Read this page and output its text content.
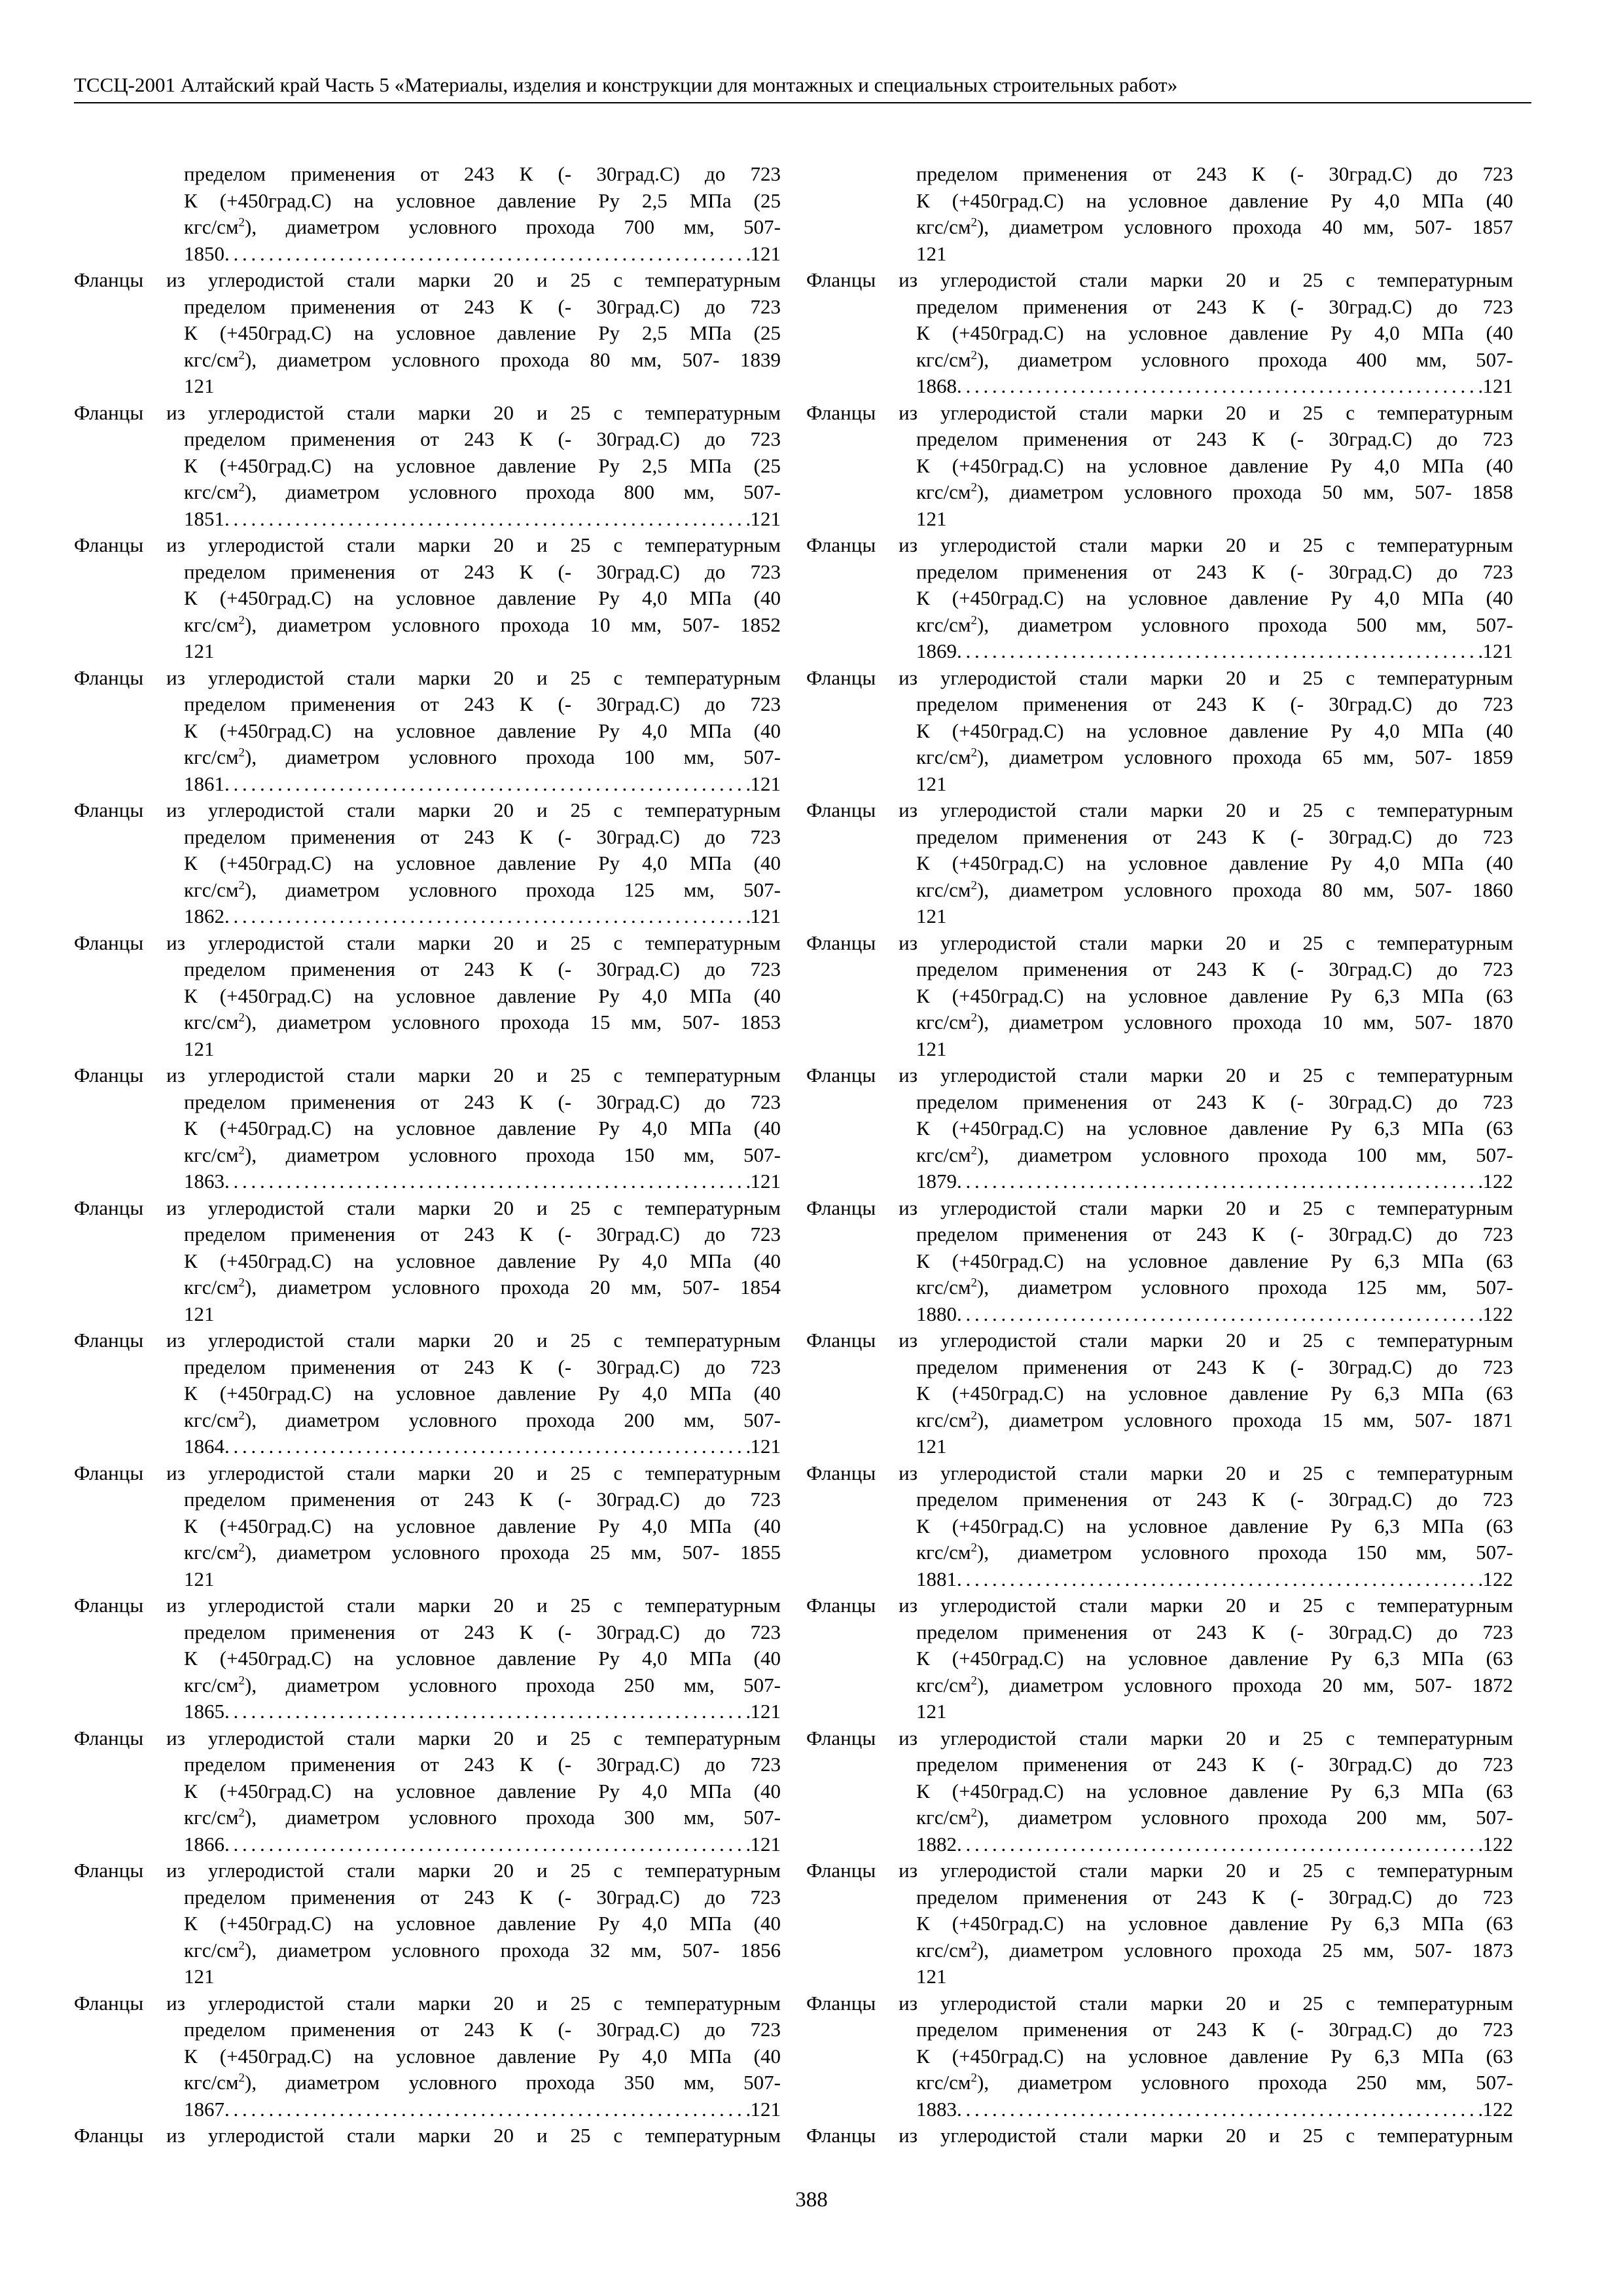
ТССЦ-2001 Алтайский край Часть 5 «Материалы, изделия и конструкции для монтажных и специальных строительных работ»
пределом применения от 243 К (- 30град.С) до 723
К (+450град.С) на условное давление Ру 2,5 МПа (25
кгс/$см^2$), диаметром условного прохода 700 мм, 507-
1850 . . .	121
Фланцы из углеродистой стали марки 20 и 25 с температурным
пределом применения от 243 К (- 30град.С) до 723
К (+450град.С) на условное давление Ру 2,5 МПа (25
кгс/$см^2$), диаметром условного прохода 80 мм, 507- 1839
121
Фланцы из углеродистой стали марки 20 и 25 с температурным
пределом применения от 243 К (- 30град.С) до 723
К (+450град.С) на условное давление Ру 2,5 МПа (25
кгс/$см^2$), диаметром условного прохода 800 мм, 507-
1851 . . .	121
Фланцы из углеродистой стали марки 20 и 25 с температурным
пределом применения от 243 К (- 30град.С) до 723
К (+450град.С) на условное давление Ру 4,0 МПа (40
кгс/$см^2$), диаметром условного прохода 10 мм, 507- 1852
121
Фланцы из углеродистой стали марки 20 и 25 с температурным
пределом применения от 243 К (- 30град.С) до 723
К (+450град.С) на условное давление Ру 4,0 МПа (40
кгс/$см^2$), диаметром условного прохода 100 мм, 507-
1861 . . .	121
Фланцы из углеродистой стали марки 20 и 25 с температурным
пределом применения от 243 К (- 30град.С) до 723
К (+450град.С) на условное давление Ру 4,0 МПа (40
кгс/$см^2$), диаметром условного прохода 125 мм, 507-
1862 . . .	121
Фланцы из углеродистой стали марки 20 и 25 с температурным
пределом применения от 243 К (- 30град.С) до 723
К (+450град.С) на условное давление Ру 4,0 МПа (40
кгс/$см^2$), диаметром условного прохода 15 мм, 507- 1853
121
Фланцы из углеродистой стали марки 20 и 25 с температурным
пределом применения от 243 К (- 30град.С) до 723
К (+450град.С) на условное давление Ру 4,0 МПа (40
кгс/$см^2$), диаметром условного прохода 150 мм, 507-
1863 . . .	121
Фланцы из углеродистой стали марки 20 и 25 с температурным
пределом применения от 243 К (- 30град.С) до 723
К (+450град.С) на условное давление Ру 4,0 МПа (40
кгс/$см^2$), диаметром условного прохода 20 мм, 507- 1854
121
Фланцы из углеродистой стали марки 20 и 25 с температурным
пределом применения от 243 К (- 30град.С) до 723
К (+450град.С) на условное давление Ру 4,0 МПа (40
кгс/$см^2$), диаметром условного прохода 200 мм, 507-
1864 . . .	121
Фланцы из углеродистой стали марки 20 и 25 с температурным
пределом применения от 243 К (- 30град.С) до 723
К (+450град.С) на условное давление Ру 4,0 МПа (40
кгс/$см^2$), диаметром условного прохода 25 мм, 507- 1855
121
Фланцы из углеродистой стали марки 20 и 25 с температурным
пределом применения от 243 К (- 30град.С) до 723
К (+450град.С) на условное давление Ру 4,0 МПа (40
кгс/$см^2$), диаметром условного прохода 250 мм, 507-
1865 . . .	121
Фланцы из углеродистой стали марки 20 и 25 с температурным
пределом применения от 243 К (- 30град.С) до 723
К (+450град.С) на условное давление Ру 4,0 МПа (40
кгс/$см^2$), диаметром условного прохода 300 мм, 507-
1866 . . .	121
Фланцы из углеродистой стали марки 20 и 25 с температурным
пределом применения от 243 К (- 30град.С) до 723
К (+450град.С) на условное давление Ру 4,0 МПа (40
кгс/$см^2$), диаметром условного прохода 32 мм, 507- 1856
121
Фланцы из углеродистой стали марки 20 и 25 с температурным
пределом применения от 243 К (- 30град.С) до 723
К (+450град.С) на условное давление Ру 4,0 МПа (40
кгс/$см^2$), диаметром условного прохода 350 мм, 507-
1867 . . .	121
Фланцы из углеродистой стали марки 20 и 25 с температурным
пределом применения от 243 К (- 30град.С) до 723
К (+450град.С) на условное давление Ру 4,0 МПа (40
кгс/$см^2$), диаметром условного прохода 40 мм, 507- 1857
121
Фланцы из углеродистой стали марки 20 и 25 с температурным
пределом применения от 243 К (- 30град.С) до 723
К (+450град.С) на условное давление Ру 4,0 МПа (40
кгс/$см^2$), диаметром условного прохода 400 мм, 507-
1868 . . .	121
Фланцы из углеродистой стали марки 20 и 25 с температурным
пределом применения от 243 К (- 30град.С) до 723
К (+450град.С) на условное давление Ру 4,0 МПа (40
кгс/$см^2$), диаметром условного прохода 50 мм, 507- 1858
121
Фланцы из углеродистой стали марки 20 и 25 с температурным
пределом применения от 243 К (- 30град.С) до 723
К (+450град.С) на условное давление Ру 4,0 МПа (40
кгс/$см^2$), диаметром условного прохода 500 мм, 507-
1869 . . .	121
Фланцы из углеродистой стали марки 20 и 25 с температурным
пределом применения от 243 К (- 30град.С) до 723
К (+450град.С) на условное давление Ру 4,0 МПа (40
кгс/$см^2$), диаметром условного прохода 65 мм, 507- 1859
121
Фланцы из углеродистой стали марки 20 и 25 с температурным
пределом применения от 243 К (- 30град.С) до 723
К (+450град.С) на условное давление Ру 4,0 МПа (40
кгс/$см^2$), диаметром условного прохода 80 мм, 507- 1860
121
Фланцы из углеродистой стали марки 20 и 25 с температурным
пределом применения от 243 К (- 30град.С) до 723
К (+450град.С) на условное давление Ру 6,3 МПа (63
кгс/$см^2$), диаметром условного прохода 10 мм, 507- 1870
121
Фланцы из углеродистой стали марки 20 и 25 с температурным
пределом применения от 243 К (- 30град.С) до 723
К (+450град.С) на условное давление Ру 6,3 МПа (63
кгс/$см^2$), диаметром условного прохода 100 мм, 507-
1879 . . .	122
Фланцы из углеродистой стали марки 20 и 25 с температурным
пределом применения от 243 К (- 30град.С) до 723
К (+450град.С) на условное давление Ру 6,3 МПа (63
кгс/$см^2$), диаметром условного прохода 125 мм, 507-
1880 . . .	122
Фланцы из углеродистой стали марки 20 и 25 с температурным
пределом применения от 243 К (- 30град.С) до 723
К (+450град.С) на условное давление Ру 6,3 МПа (63
кгс/$см^2$), диаметром условного прохода 15 мм, 507- 1871
121
Фланцы из углеродистой стали марки 20 и 25 с температурным
пределом применения от 243 К (- 30град.С) до 723
К (+450град.С) на условное давление Ру 6,3 МПа (63
кгс/$см^2$), диаметром условного прохода 150 мм, 507-
1881 . . .	122
Фланцы из углеродистой стали марки 20 и 25 с температурным
пределом применения от 243 К (- 30град.С) до 723
К (+450град.С) на условное давление Ру 6,3 МПа (63
кгс/$см^2$), диаметром условного прохода 20 мм, 507- 1872
121
Фланцы из углеродистой стали марки 20 и 25 с температурным
пределом применения от 243 К (- 30град.С) до 723
К (+450град.С) на условное давление Ру 6,3 МПа (63
кгс/$см^2$), диаметром условного прохода 200 мм, 507-
1882 . . .	122
Фланцы из углеродистой стали марки 20 и 25 с температурным
пределом применения от 243 К (- 30град.С) до 723
К (+450град.С) на условное давление Ру 6,3 МПа (63
кгс/$см^2$), диаметром условного прохода 25 мм, 507- 1873
121
Фланцы из углеродистой стали марки 20 и 25 с температурным
пределом применения от 243 К (- 30град.С) до 723
К (+450град.С) на условное давление Ру 6,3 МПа (63
кгс/$см^2$), диаметром условного прохода 250 мм, 507-
1883 . . .	122
Фланцы из углеродистой стали марки 20 и 25 с температурным
388
